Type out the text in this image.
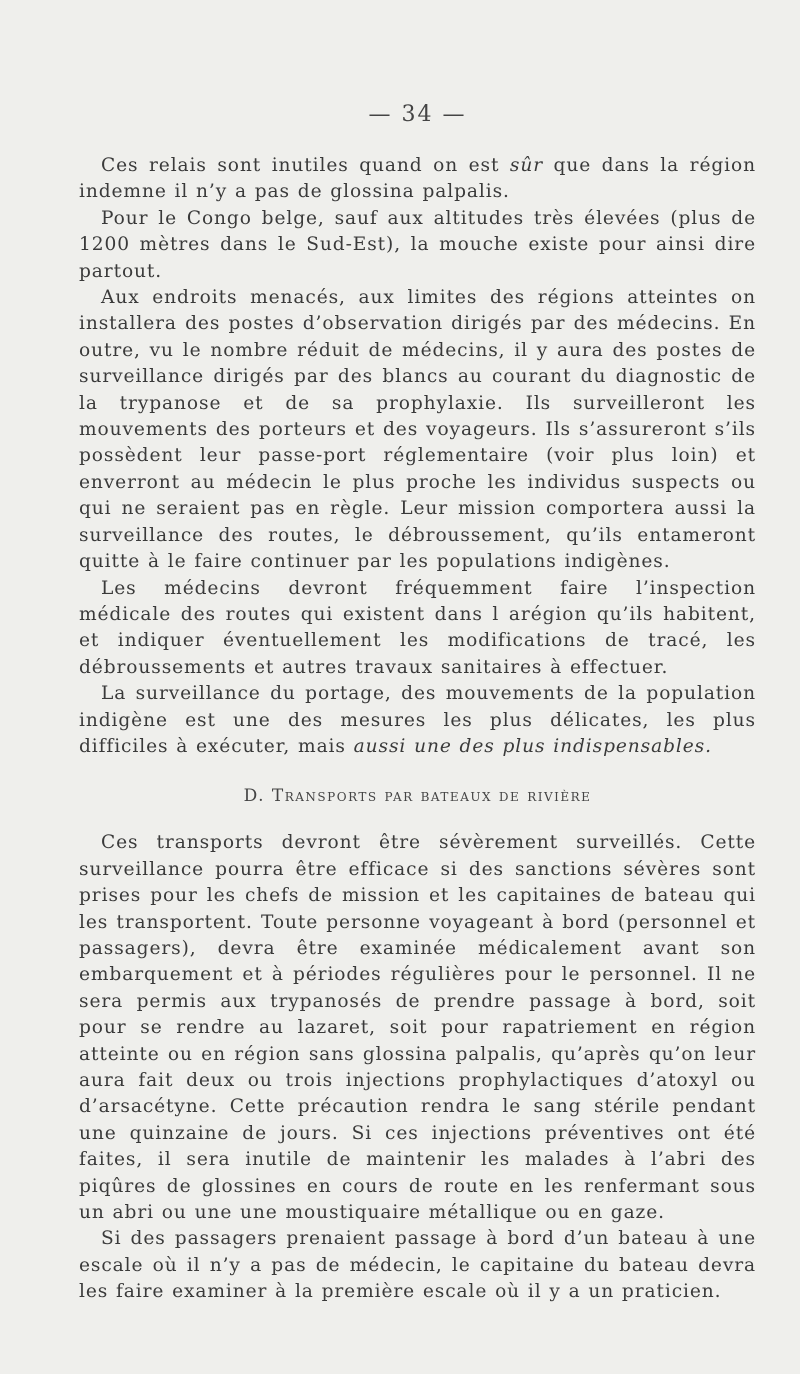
— 34 —

Ces relais sont inutiles quand on est sûr que dans la région indemne il n’y a pas de glossina palpalis.

Pour le Congo belge, sauf aux altitudes très élevées (plus de 1200 mètres dans le Sud-Est), la mouche existe pour ainsi dire partout.

Aux endroits menacés, aux limites des régions atteintes on installera des postes d’observation dirigés par des médecins. En outre, vu le nombre réduit de médecins, il y aura des postes de surveillance dirigés par des blancs au courant du diagnostic de la trypanose et de sa prophylaxie. Ils surveilleront les mouvements des porteurs et des voyageurs. Ils s’assureront s’ils possèdent leur passe-port réglementaire (voir plus loin) et enverront au médecin le plus proche les individus suspects ou qui ne seraient pas en règle. Leur mission comportera aussi la surveillance des routes, le débroussement, qu’ils entameront quitte à le faire continuer par les populations indigènes.

Les médecins devront fréquemment faire l’inspection médicale des routes qui existent dans l arégion qu’ils habitent, et indiquer éventuellement les modifications de tracé, les débroussements et autres travaux sanitaires à effectuer.

La surveillance du portage, des mouvements de la population indigène est une des mesures les plus délicates, les plus difficiles à exécuter, mais aussi une des plus indispensables.

D. Transports par bateaux de rivière

Ces transports devront être sévèrement surveillés. Cette surveillance pourra être efficace si des sanctions sévères sont prises pour les chefs de mission et les capitaines de bateau qui les transportent. Toute personne voyageant à bord (personnel et passagers), devra être examinée médicalement avant son embarquement et à périodes régulières pour le personnel. Il ne sera permis aux trypanosés de prendre passage à bord, soit pour se rendre au lazaret, soit pour rapatriement en région atteinte ou en région sans glossina palpalis, qu’après qu’on leur aura fait deux ou trois injections prophylactiques d’atoxyl ou d’arsacétyne. Cette précaution rendra le sang stérile pendant une quinzaine de jours. Si ces injections préventives ont été faites, il sera inutile de maintenir les malades à l’abri des piqûres de glossines en cours de route en les renfermant sous un abri ou une une moustiquaire métallique ou en gaze.

Si des passagers prenaient passage à bord d’un bateau à une escale où il n’y a pas de médecin, le capitaine du bateau devra les faire examiner à la première escale où il y a un praticien.
